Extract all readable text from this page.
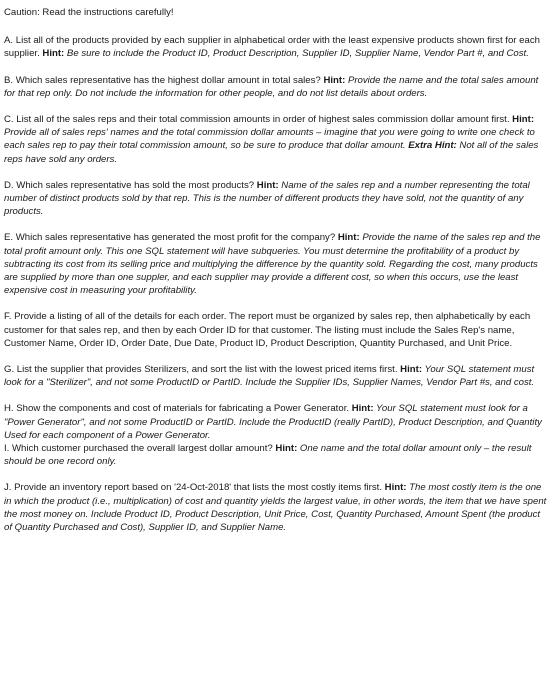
Caution: Read the instructions carefully!
A. List all of the products provided by each supplier in alphabetical order with the least expensive products shown first for each supplier. Hint: Be sure to include the Product ID, Product Description, Supplier ID, Supplier Name, Vendor Part #, and Cost.
B. Which sales representative has the highest dollar amount in total sales? Hint: Provide the name and the total sales amount for that rep only. Do not include the information for other people, and do not list details about orders.
C. List all of the sales reps and their total commission amounts in order of highest sales commission dollar amount first. Hint: Provide all of sales reps' names and the total commission dollar amounts – imagine that you were going to write one check to each sales rep to pay their total commission amount, so be sure to produce that dollar amount. Extra Hint: Not all of the sales reps have sold any orders.
D. Which sales representative has sold the most products? Hint: Name of the sales rep and a number representing the total number of distinct products sold by that rep. This is the number of different products they have sold, not the quantity of any products.
E. Which sales representative has generated the most profit for the company? Hint: Provide the name of the sales rep and the total profit amount only. This one SQL statement will have subqueries. You must determine the profitability of a product by subtracting its cost from its selling price and multiplying the difference by the quantity sold. Regarding the cost, many products are supplied by more than one suppler, and each supplier may provide a different cost, so when this occurs, use the least expensive cost in measuring your profitability.
F. Provide a listing of all of the details for each order. The report must be organized by sales rep, then alphabetically by each customer for that sales rep, and then by each Order ID for that customer. The listing must include the Sales Rep's name, Customer Name, Order ID, Order Date, Due Date, Product ID, Product Description, Quantity Purchased, and Unit Price.
G. List the supplier that provides Sterilizers, and sort the list with the lowest priced items first. Hint: Your SQL statement must look for a "Sterilizer", and not some ProductID or PartID. Include the Supplier IDs, Supplier Names, Vendor Part #s, and cost.
H. Show the components and cost of materials for fabricating a Power Generator. Hint: Your SQL statement must look for a "Power Generator", and not some ProductID or PartID. Include the ProductID (really PartID), Product Description, and Quantity Used for each component of a Power Generator.
I. Which customer purchased the overall largest dollar amount? Hint: One name and the total dollar amount only – the result should be one record only.
J. Provide an inventory report based on '24-Oct-2018' that lists the most costly items first. Hint: The most costly item is the one in which the product (i.e., multiplication) of cost and quantity yields the largest value, in other words, the item that we have spent the most money on. Include Product ID, Product Description, Unit Price, Cost, Quantity Purchased, Amount Spent (the product of Quantity Purchased and Cost), Supplier ID, and Supplier Name.
